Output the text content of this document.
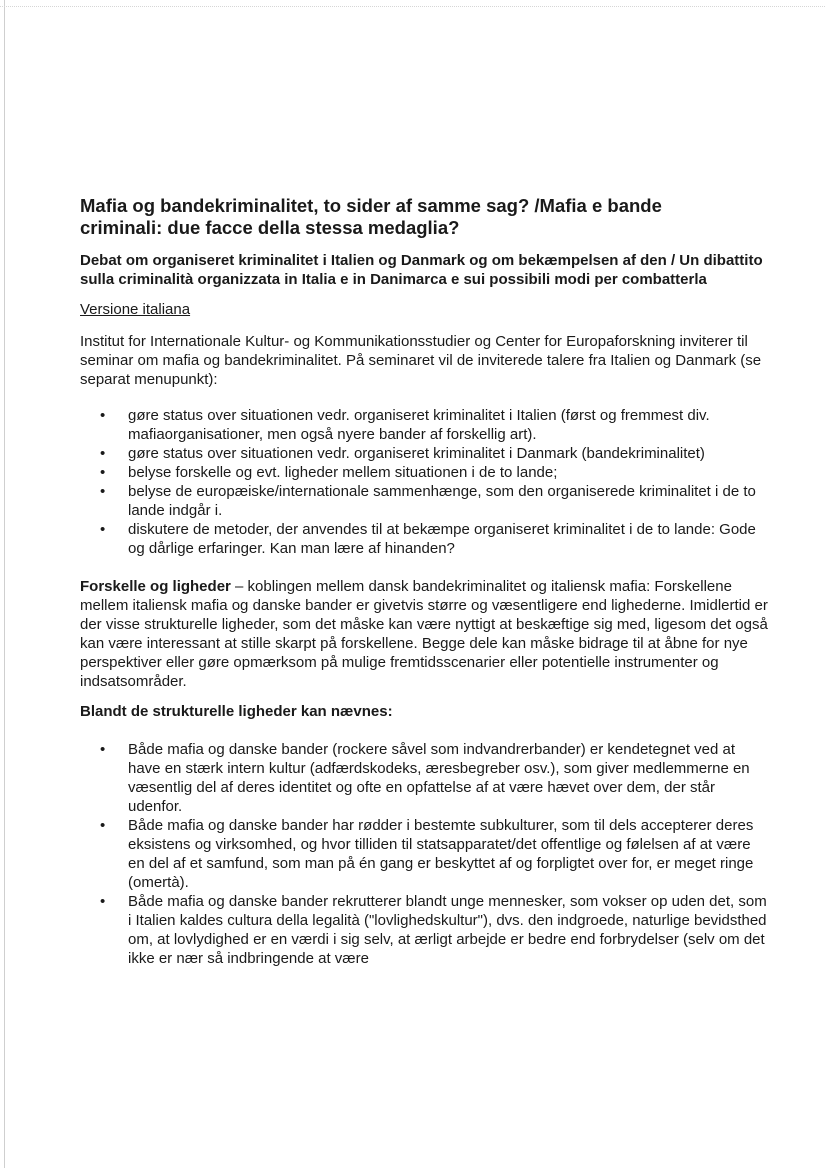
Mafia og bandekriminalitet, to sider af samme sag? /Mafia e bande criminali: due facce della stessa medaglia?
Debat om organiseret kriminalitet i Italien og Danmark og om bekæmpelsen af den / Un dibattito sulla criminalità organizzata in Italia e in Danimarca e sui possibili modi per combatterla

Versione italiana

Institut for Internationale Kultur- og Kommunikationsstudier og Center for Europaforskning inviterer til seminar om mafia og bandekriminalitet. På seminaret vil de inviterede talere fra Italien og Danmark (se separat menupunkt):

• gøre status over situationen vedr. organiseret kriminalitet i Italien (først og fremmest div. mafiaorganisationer, men også nyere bander af forskellig art).
• gøre status over situationen vedr. organiseret kriminalitet i Danmark (bandekriminalitet)
• belyse forskelle og evt. ligheder mellem situationen i de to lande;
• belyse de europæiske/internationale sammenhænge, som den organiserede kriminalitet i de to lande indgår i.
• diskutere de metoder, der anvendes til at bekæmpe organiseret kriminalitet i de to lande: Gode og dårlige erfaringer. Kan man lære af hinanden?

Forskelle og ligheder – koblingen mellem dansk bandekriminalitet og italiensk mafia: Forskellene mellem italiensk mafia og danske bander er givetvis større og væsentligere end lighederne. Imidlertid er der visse strukturelle ligheder, som det måske kan være nyttigt at beskæftige sig med, ligesom det også kan være interessant at stille skarpt på forskellene. Begge dele kan måske bidrage til at åbne for nye perspektiver eller gøre opmærksom på mulige fremtidsscenarier eller potentielle instrumenter og indsatsområder.

Blandt de strukturelle ligheder kan nævnes:
• Både mafia og danske bander (rockere såvel som indvandrerbander) er kendetegnet ved at have en stærk intern kultur (adfærdskodeks, æresbegreber osv.), som giver medlemmerne en væsentlig del af deres identitet og ofte en opfattelse af at være hævet over dem, der står udenfor.
• Både mafia og danske bander har rødder i bestemte subkulturer, som til dels accepterer deres eksistens og virksomhed, og hvor tilliden til statsapparatet/det offentlige og følelsen af at være en del af et samfund, som man på én gang er beskyttet af og forpligtet over for, er meget ringe (omertà).
• Både mafia og danske bander rekrutterer blandt unge mennesker, som vokser op uden det, som i Italien kaldes cultura della legalità ("lovlighedskultur"), dvs. den indgroede, naturlige bevidsthed om, at lovlydighed er en værdi i sig selv, at ærligt arbejde er bedre end forbrydelser (selv om det ikke er nær så indbringende at være
